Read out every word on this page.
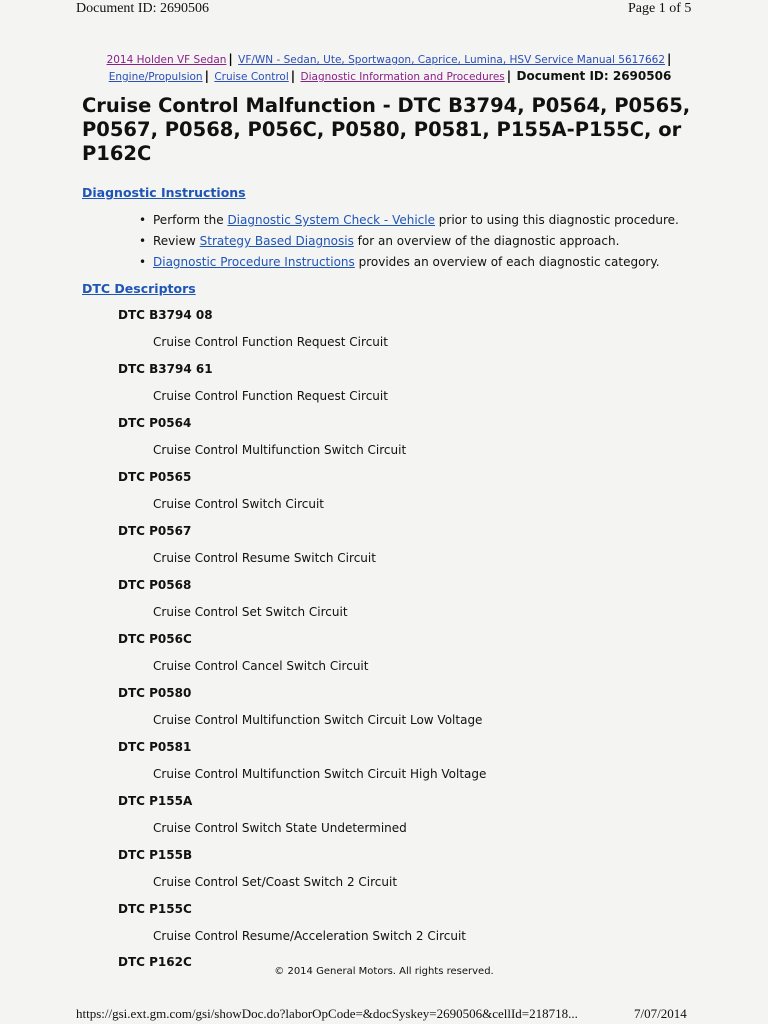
Document ID: 2690506	Page 1 of 5
2014 Holden VF Sedan | VF/WN - Sedan, Ute, Sportwagon, Caprice, Lumina, HSV Service Manual 5617662 |
Engine/Propulsion | Cruise Control | Diagnostic Information and Procedures | Document ID: 2690506
Cruise Control Malfunction - DTC B3794, P0564, P0565, P0567, P0568, P056C, P0580, P0581, P155A-P155C, or P162C
Diagnostic Instructions
• Perform the Diagnostic System Check - Vehicle prior to using this diagnostic procedure.
• Review Strategy Based Diagnosis for an overview of the diagnostic approach.
• Diagnostic Procedure Instructions provides an overview of each diagnostic category.
DTC Descriptors
DTC B3794 08
Cruise Control Function Request Circuit
DTC B3794 61
Cruise Control Function Request Circuit
DTC P0564
Cruise Control Multifunction Switch Circuit
DTC P0565
Cruise Control Switch Circuit
DTC P0567
Cruise Control Resume Switch Circuit
DTC P0568
Cruise Control Set Switch Circuit
DTC P056C
Cruise Control Cancel Switch Circuit
DTC P0580
Cruise Control Multifunction Switch Circuit Low Voltage
DTC P0581
Cruise Control Multifunction Switch Circuit High Voltage
DTC P155A
Cruise Control Switch State Undetermined
DTC P155B
Cruise Control Set/Coast Switch 2 Circuit
DTC P155C
Cruise Control Resume/Acceleration Switch 2 Circuit
DTC P162C
© 2014 General Motors. All rights reserved.
https://gsi.ext.gm.com/gsi/showDoc.do?laborOpCode=&docSyskey=2690506&cellId=218718...	7/07/2014
